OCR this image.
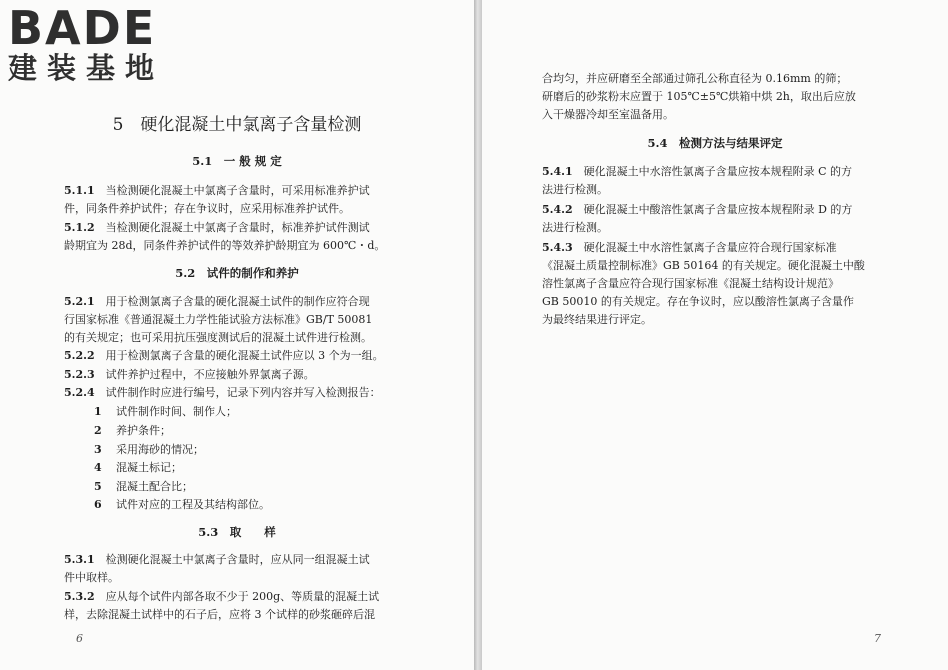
BADE
建装基地
5　硬化混凝土中氯离子含量检测
5.1　一 般 规 定
5.1.1　 当检测硬化混凝土中氯离子含量时，可采用标准养护试
件，同条件养护试件；存在争议时，应采用标准养护试件。
5.1.2　 当检测硬化混凝土中氯离子含量时，标准养护试件测试
龄期宜为 28d，同条件养护试件的等效养护龄期宜为 600℃・d。
5.2　试件的制作和养护
5.2.1　 用于检测氯离子含量的硬化混凝土试件的制作应符合现
行国家标准《普通混凝土力学性能试验方法标准》GB/T 50081
的有关规定；也可采用抗压强度测试后的混凝土试件进行检测。
5.2.2　 用于检测氯离子含量的硬化混凝土试件应以 3 个为一组。
5.2.3　 试件养护过程中，不应接触外界氯离子源。
5.2.4　 试件制作时应进行编号，记录下列内容并写入检测报告：
1 试件制作时间、制作人；
2 养护条件；
3 采用海砂的情况；
4 混凝土标记；
5 混凝土配合比；
6 试件对应的工程及其结构部位。
5.3　取　　样
5.3.1　 检测硬化混凝土中氯离子含量时，应从同一组混凝土试
件中取样。
5.3.2　 应从每个试件内部各取不少于 200g、等质量的混凝土试
样，去除混凝土试样中的石子后，应将 3 个试样的砂浆砸碎后混
6
合均匀，并应研磨至全部通过筛孔公称直径为 0.16mm 的筛；
研磨后的砂浆粉末应置于 105℃±5℃烘箱中烘 2h，取出后应放
入干燥器冷却至室温备用。
5.4　检测方法与结果评定
5.4.1　 硬化混凝土中水溶性氯离子含量应按本规程附录 C 的方
法进行检测。
5.4.2　 硬化混凝土中酸溶性氯离子含量应按本规程附录 D 的方
法进行检测。
5.4.3　 硬化混凝土中水溶性氯离子含量应符合现行国家标准
《混凝土质量控制标准》GB 50164 的有关规定。硬化混凝土中酸
溶性氯离子含量应符合现行国家标准《混凝土结构设计规范》
GB 50010 的有关规定。存在争议时，应以酸溶性氯离子含量作
为最终结果进行评定。
7
